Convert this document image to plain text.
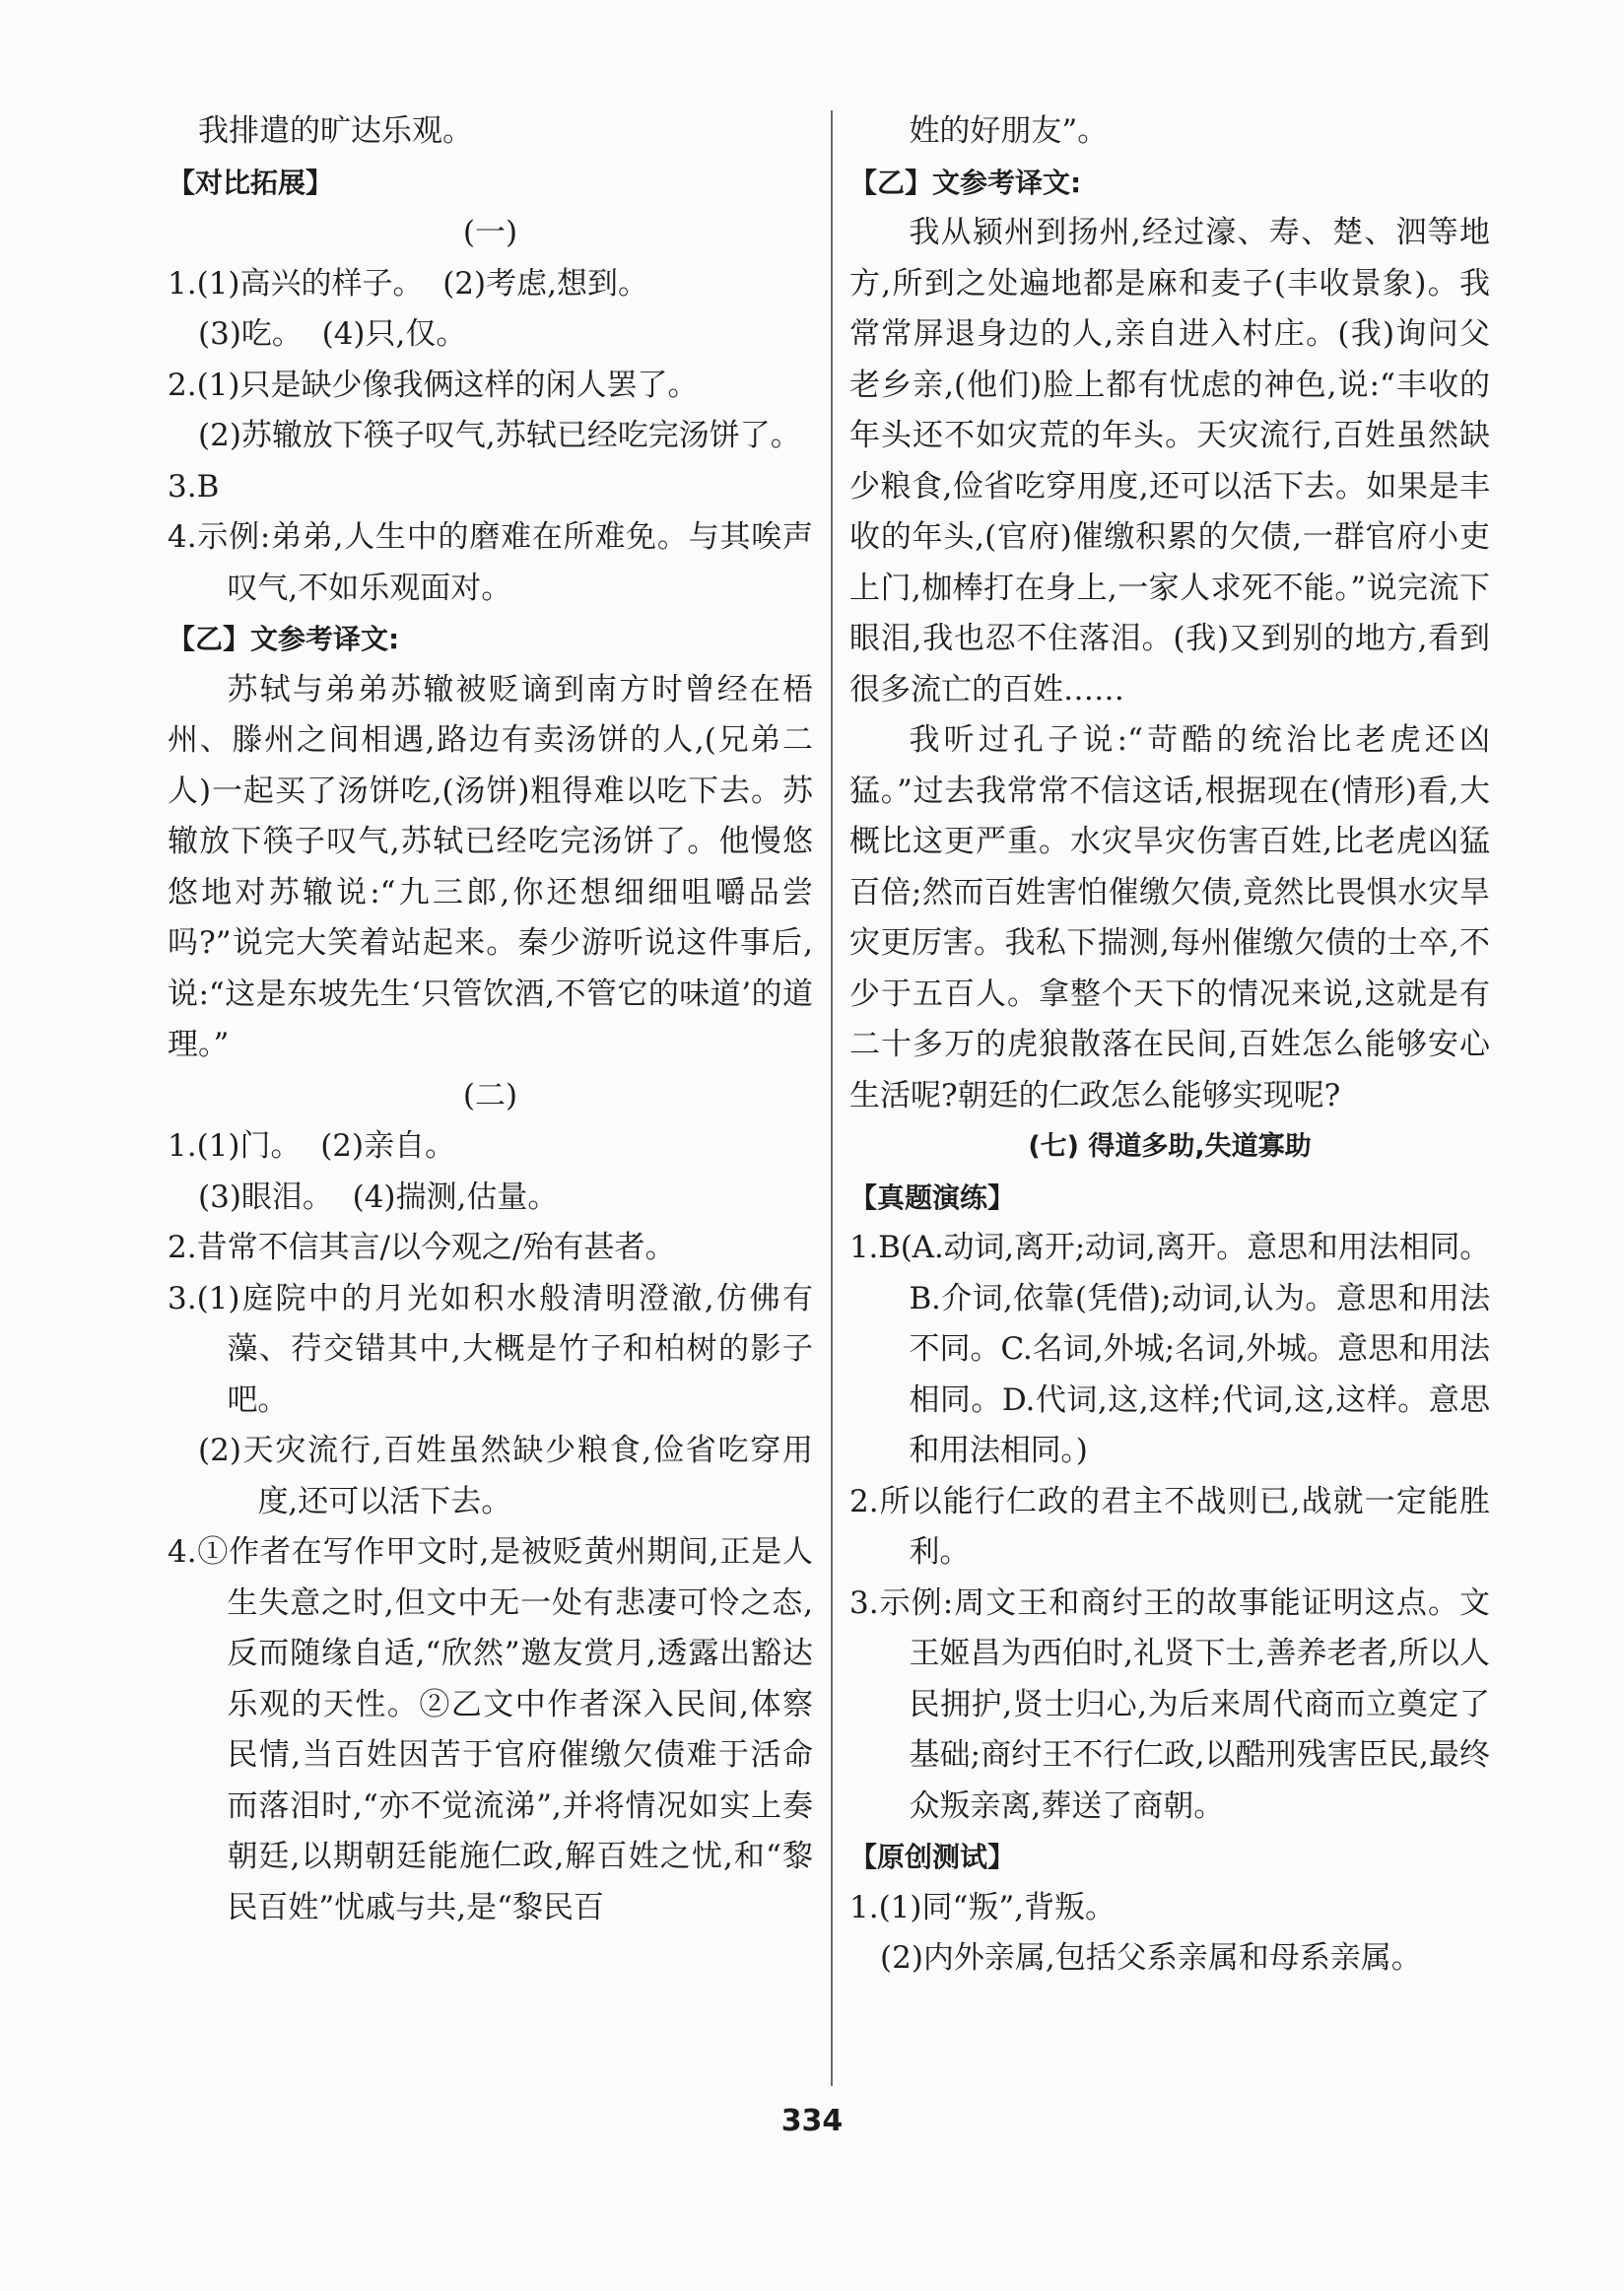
我排遣的旷达乐观。

【对比拓展】

(一)

1.(1)高兴的样子。  (2)考虑,想到。

(3)吃。  (4)只,仅。

2.(1)只是缺少像我俩这样的闲人罢了。

(2)苏辙放下筷子叹气,苏轼已经吃完汤饼了。

3.B

4.示例:弟弟,人生中的磨难在所难免。与其唉声叹气,不如乐观面对。

【乙】文参考译文:

苏轼与弟弟苏辙被贬谪到南方时曾经在梧州、滕州之间相遇,路边有卖汤饼的人,(兄弟二人)一起买了汤饼吃,(汤饼)粗得难以吃下去。苏辙放下筷子叹气,苏轼已经吃完汤饼了。他慢悠悠地对苏辙说:“九三郎,你还想细细咀嚼品尝吗?”说完大笑着站起来。秦少游听说这件事后,说:“这是东坡先生‘只管饮酒,不管它的味道’的道理。”

(二)

1.(1)门。  (2)亲自。

(3)眼泪。  (4)揣测,估量。

2.昔常不信其言/以今观之/殆有甚者。

3.(1)庭院中的月光如积水般清明澄澈,仿佛有藻、荇交错其中,大概是竹子和柏树的影子吧。

(2)天灾流行,百姓虽然缺少粮食,俭省吃穿用度,还可以活下去。

4.①作者在写作甲文时,是被贬黄州期间,正是人生失意之时,但文中无一处有悲凄可怜之态,反而随缘自适,“欣然”邀友赏月,透露出豁达乐观的天性。②乙文中作者深入民间,体察民情,当百姓因苦于官府催缴欠债难于活命而落泪时,“亦不觉流涕”,并将情况如实上奏朝廷,以期朝廷能施仁政,解百姓之忧,和“黎民百姓”忧戚与共,是“黎民百

姓的好朋友”。

【乙】文参考译文:

我从颍州到扬州,经过濠、寿、楚、泗等地方,所到之处遍地都是麻和麦子(丰收景象)。我常常屏退身边的人,亲自进入村庄。(我)询问父老乡亲,(他们)脸上都有忧虑的神色,说:“丰收的年头还不如灾荒的年头。天灾流行,百姓虽然缺少粮食,俭省吃穿用度,还可以活下去。如果是丰收的年头,(官府)催缴积累的欠债,一群官府小吏上门,枷棒打在身上,一家人求死不能。”说完流下眼泪,我也忍不住落泪。(我)又到别的地方,看到很多流亡的百姓……

我听过孔子说:“苛酷的统治比老虎还凶猛。”过去我常常不信这话,根据现在(情形)看,大概比这更严重。水灾旱灾伤害百姓,比老虎凶猛百倍;然而百姓害怕催缴欠债,竟然比畏惧水灾旱灾更厉害。我私下揣测,每州催缴欠债的士卒,不少于五百人。拿整个天下的情况来说,这就是有二十多万的虎狼散落在民间,百姓怎么能够安心生活呢?朝廷的仁政怎么能够实现呢?

(七) 得道多助,失道寡助

【真题演练】

1.B(A.动词,离开;动词,离开。意思和用法相同。B.介词,依靠(凭借);动词,认为。意思和用法不同。C.名词,外城;名词,外城。意思和用法相同。D.代词,这,这样;代词,这,这样。意思和用法相同。)

2.所以能行仁政的君主不战则已,战就一定能胜利。

3.示例:周文王和商纣王的故事能证明这点。文王姬昌为西伯时,礼贤下士,善养老者,所以人民拥护,贤士归心,为后来周代商而立奠定了基础;商纣王不行仁政,以酷刑残害臣民,最终众叛亲离,葬送了商朝。

【原创测试】

1.(1)同“叛”,背叛。

(2)内外亲属,包括父系亲属和母系亲属。

334
